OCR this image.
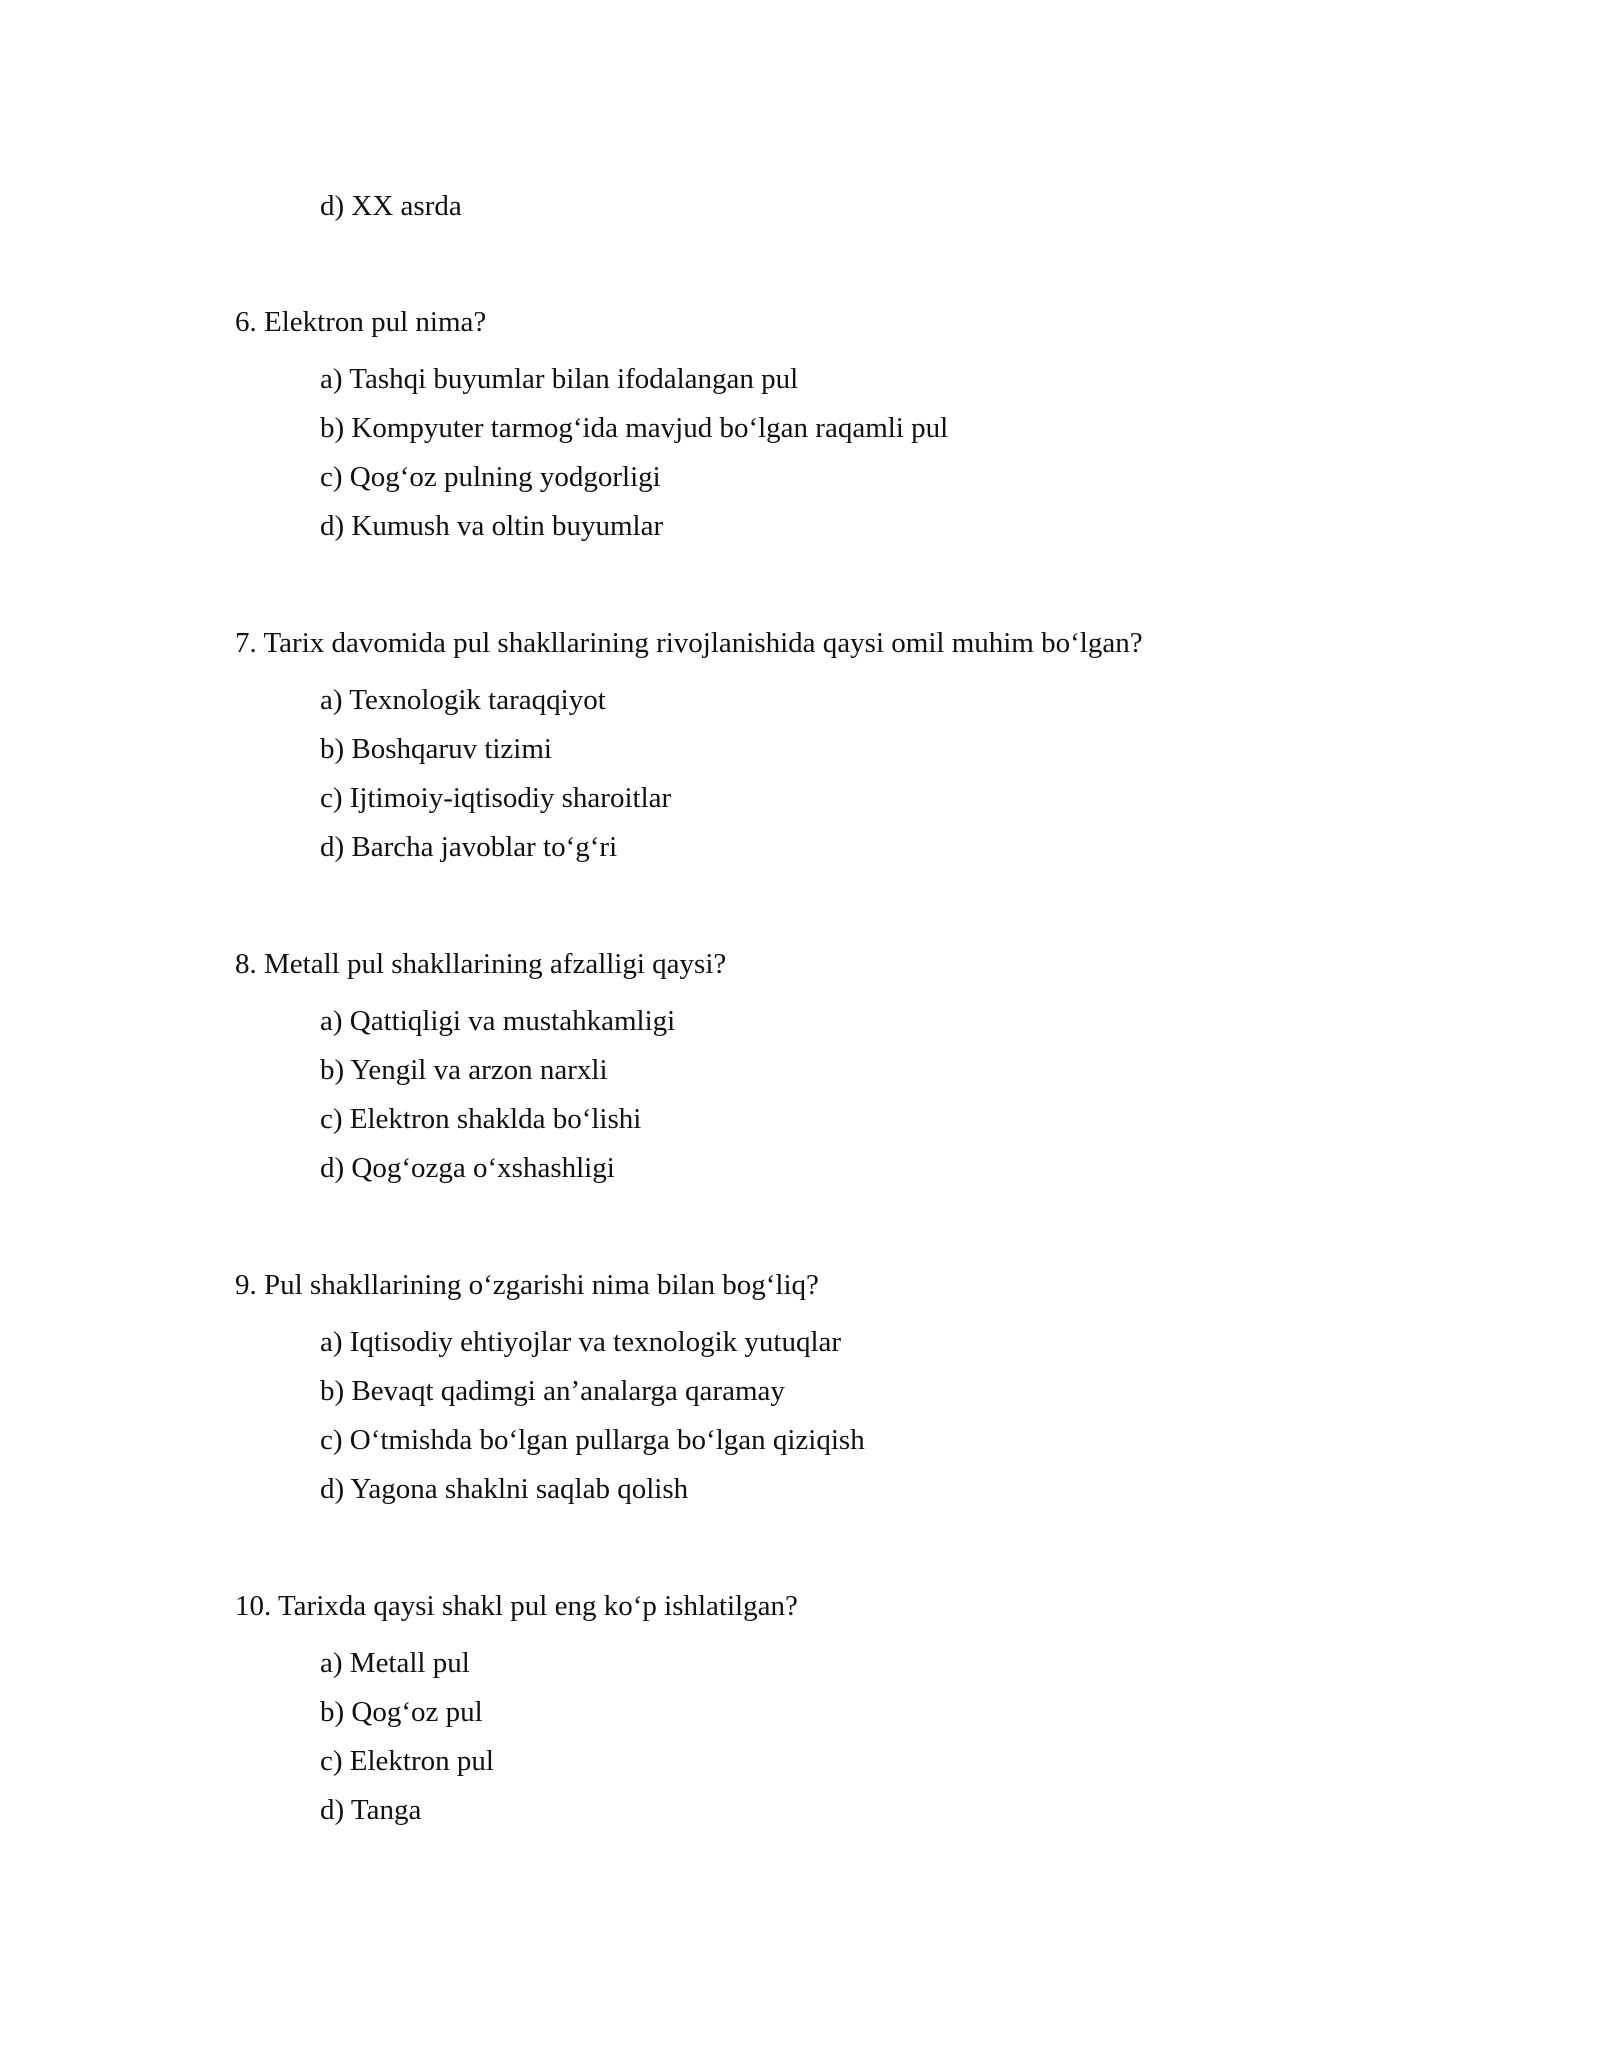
d) XX asrda
6. Elektron pul nima?
a) Tashqi buyumlar bilan ifodalangan pul
b) Kompyuter tarmog‘ida mavjud bo‘lgan raqamli pul
c) Qog‘oz pulning yodgorligi
d) Kumush va oltin buyumlar
7. Tarix davomida pul shakllarining rivojlanishida qaysi omil muhim bo‘lgan?
a) Texnologik taraqqiyot
b) Boshqaruv tizimi
c) Ijtimoiy-iqtisodiy sharoitlar
d) Barcha javoblar to‘g‘ri
8. Metall pul shakllarining afzalligi qaysi?
a) Qattiqligi va mustahkamligi
b) Yengil va arzon narxli
c) Elektron shaklda bo‘lishi
d) Qog‘ozga o‘xshashligi
9. Pul shakllarining o‘zgarishi nima bilan bog‘liq?
a) Iqtisodiy ehtiyojlar va texnologik yutuqlar
b) Bevaqt qadimgi an’analarga qaramay
c) O‘tmishda bo‘lgan pullarga bo‘lgan qiziqish
d) Yagona shaklni saqlab qolish
10. Tarixda qaysi shakl pul eng ko‘p ishlatilgan?
a) Metall pul
b) Qog‘oz pul
c) Elektron pul
d) Tanga
